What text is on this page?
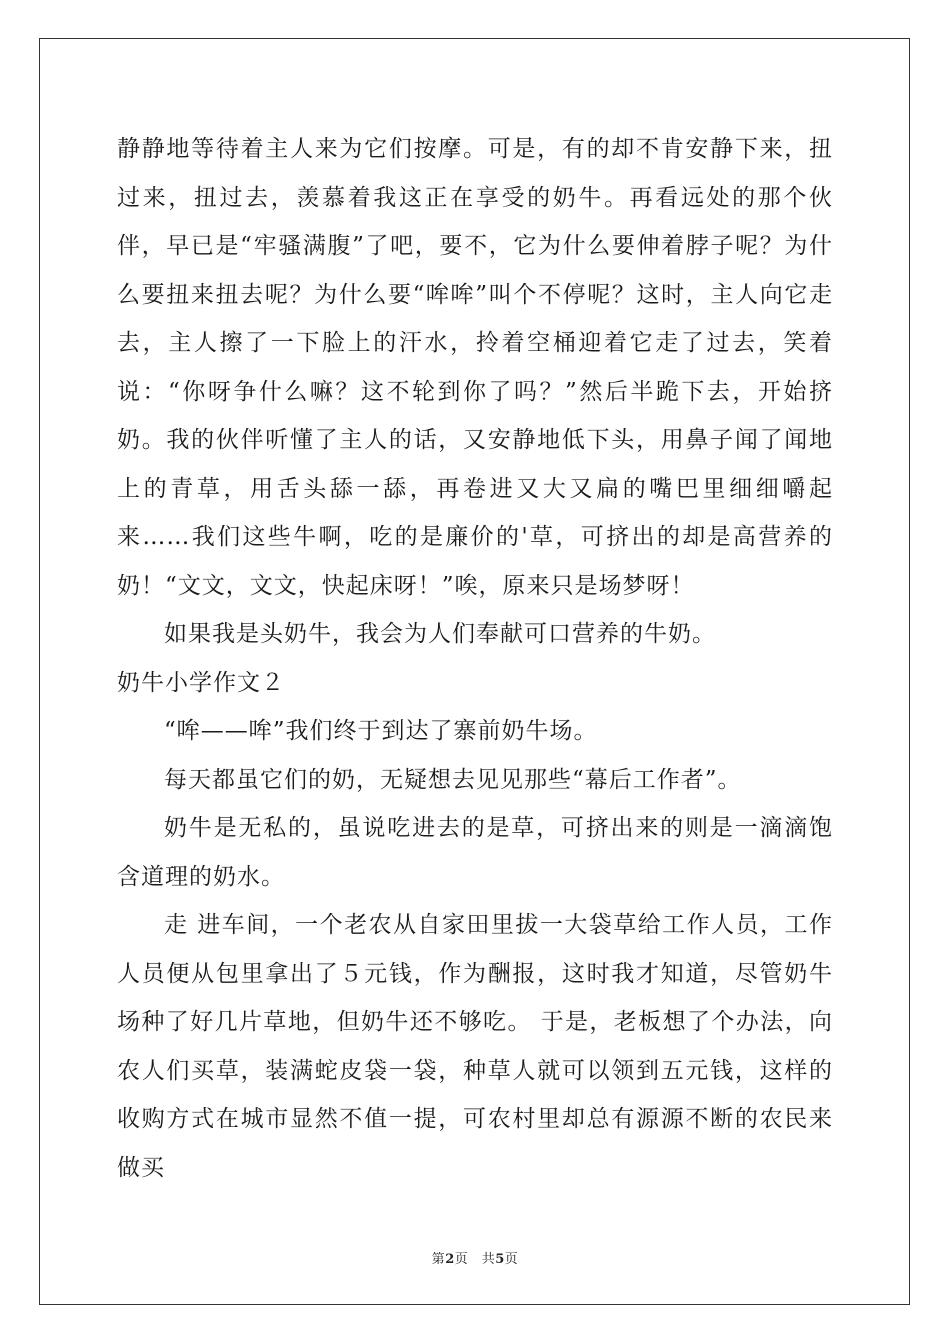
静静地等待着主人来为它们按摩。可是，有的却不肯安静下来，扭过来，扭过去，羡慕着我这正在享受的奶牛。再看远处的那个伙伴，早已是“牢骚满腹”了吧，要不，它为什么要伸着脖子呢？为什么要扭来扭去呢？为什么要“哞哞”叫个不停呢？这时，主人向它走去，主人擦了一下脸上的汗水，拎着空桶迎着它走了过去，笑着说：“你呀争什么嘛？这不轮到你了吗？”然后半跪下去，开始挤奶。我的伙伴听懂了主人的话，又安静地低下头，用鼻子闻了闻地上的青草，用舌头舔一舔，再卷进又大又扁的嘴巴里细细嚼起来……我们这些牛啊，吃的是廉价的'草，可挤出的却是高营养的奶！“文文，文文，快起床呀！”唉，原来只是场梦呀！

如果我是头奶牛，我会为人们奉献可口营养的牛奶。

奶牛小学作文２

“哞——哞”我们终于到达了寨前奶牛场。

每天都虽它们的奶，无疑想去见见那些“幕后工作者”。

奶牛是无私的，虽说吃进去的是草，可挤出来的则是一滴滴饱含道理的奶水。

走 进车间，一个老农从自家田里拔一大袋草给工作人员，工作人员便从包里拿出了５元钱，作为酬报，这时我才知道，尽管奶牛场种了好几片草地，但奶牛还不够吃。 于是，老板想了个办法，向农人们买草，装满蛇皮袋一袋，种草人就可以领到五元钱，这样的收购方式在城市显然不值一提，可农村里却总有源源不断的农民来做买

第2页　共5页
